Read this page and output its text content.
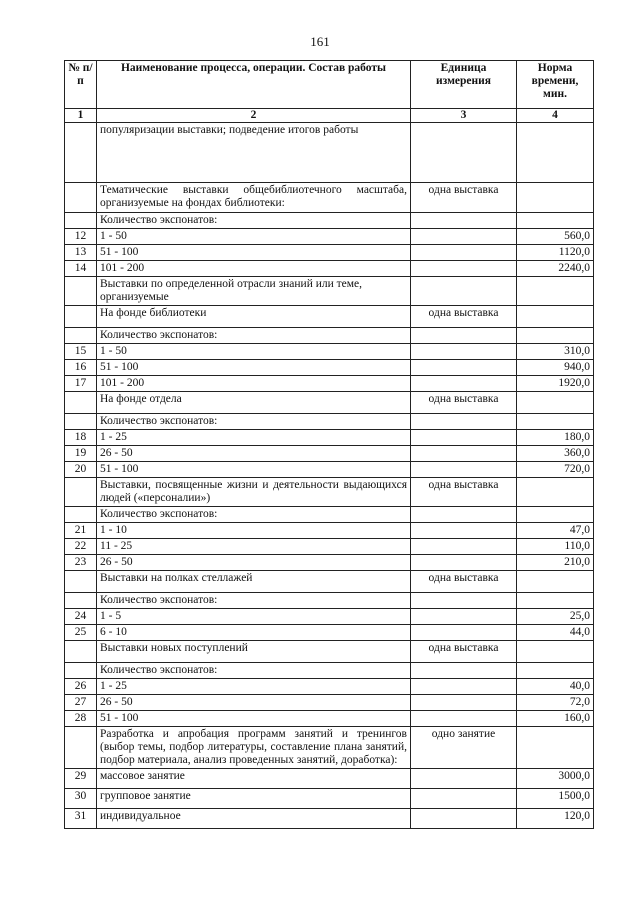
161
№ п/п	Наименование процесса, операции. Состав работы	Единица измерения	Норма времени, мин.
1	2	3	4
	популяризации выставки; подведение итогов работы		
	Тематические выставки общебиблиотечного масштаба, организуемые на фондах библиотеки:	одна выставка	
	Количество экспонатов:		
12	1 - 50		560,0
13	51 - 100		1120,0
14	101 - 200		2240,0
	Выставки по определенной отрасли знаний или теме, организуемые		
	На фонде библиотеки	одна выставка	
	Количество экспонатов:		
15	1 - 50		310,0
16	51 - 100		940,0
17	101 - 200		1920,0
	На фонде отдела	одна выставка	
	Количество экспонатов:		
18	1 - 25		180,0
19	26 - 50		360,0
20	51 - 100		720,0
	Выставки, посвященные жизни и деятельности выдающихся людей («персоналии»)	одна выставка	
	Количество экспонатов:		
21	1 - 10		47,0
22	11 - 25		110,0
23	26 - 50		210,0
	Выставки на полках стеллажей	одна выставка	
	Количество экспонатов:		
24	1 - 5		25,0
25	6 - 10		44,0
	Выставки новых поступлений	одна выставка	
	Количество экспонатов:		
26	1 - 25		40,0
27	26 - 50		72,0
28	51 - 100		160,0
	Разработка и апробация программ занятий и тренингов (выбор темы, подбор литературы, составление плана занятий, подбор материала, анализ проведенных занятий, доработка):	одно занятие	
29	массовое занятие		3000,0
30	групповое занятие		1500,0
31	индивидуальное		120,0
